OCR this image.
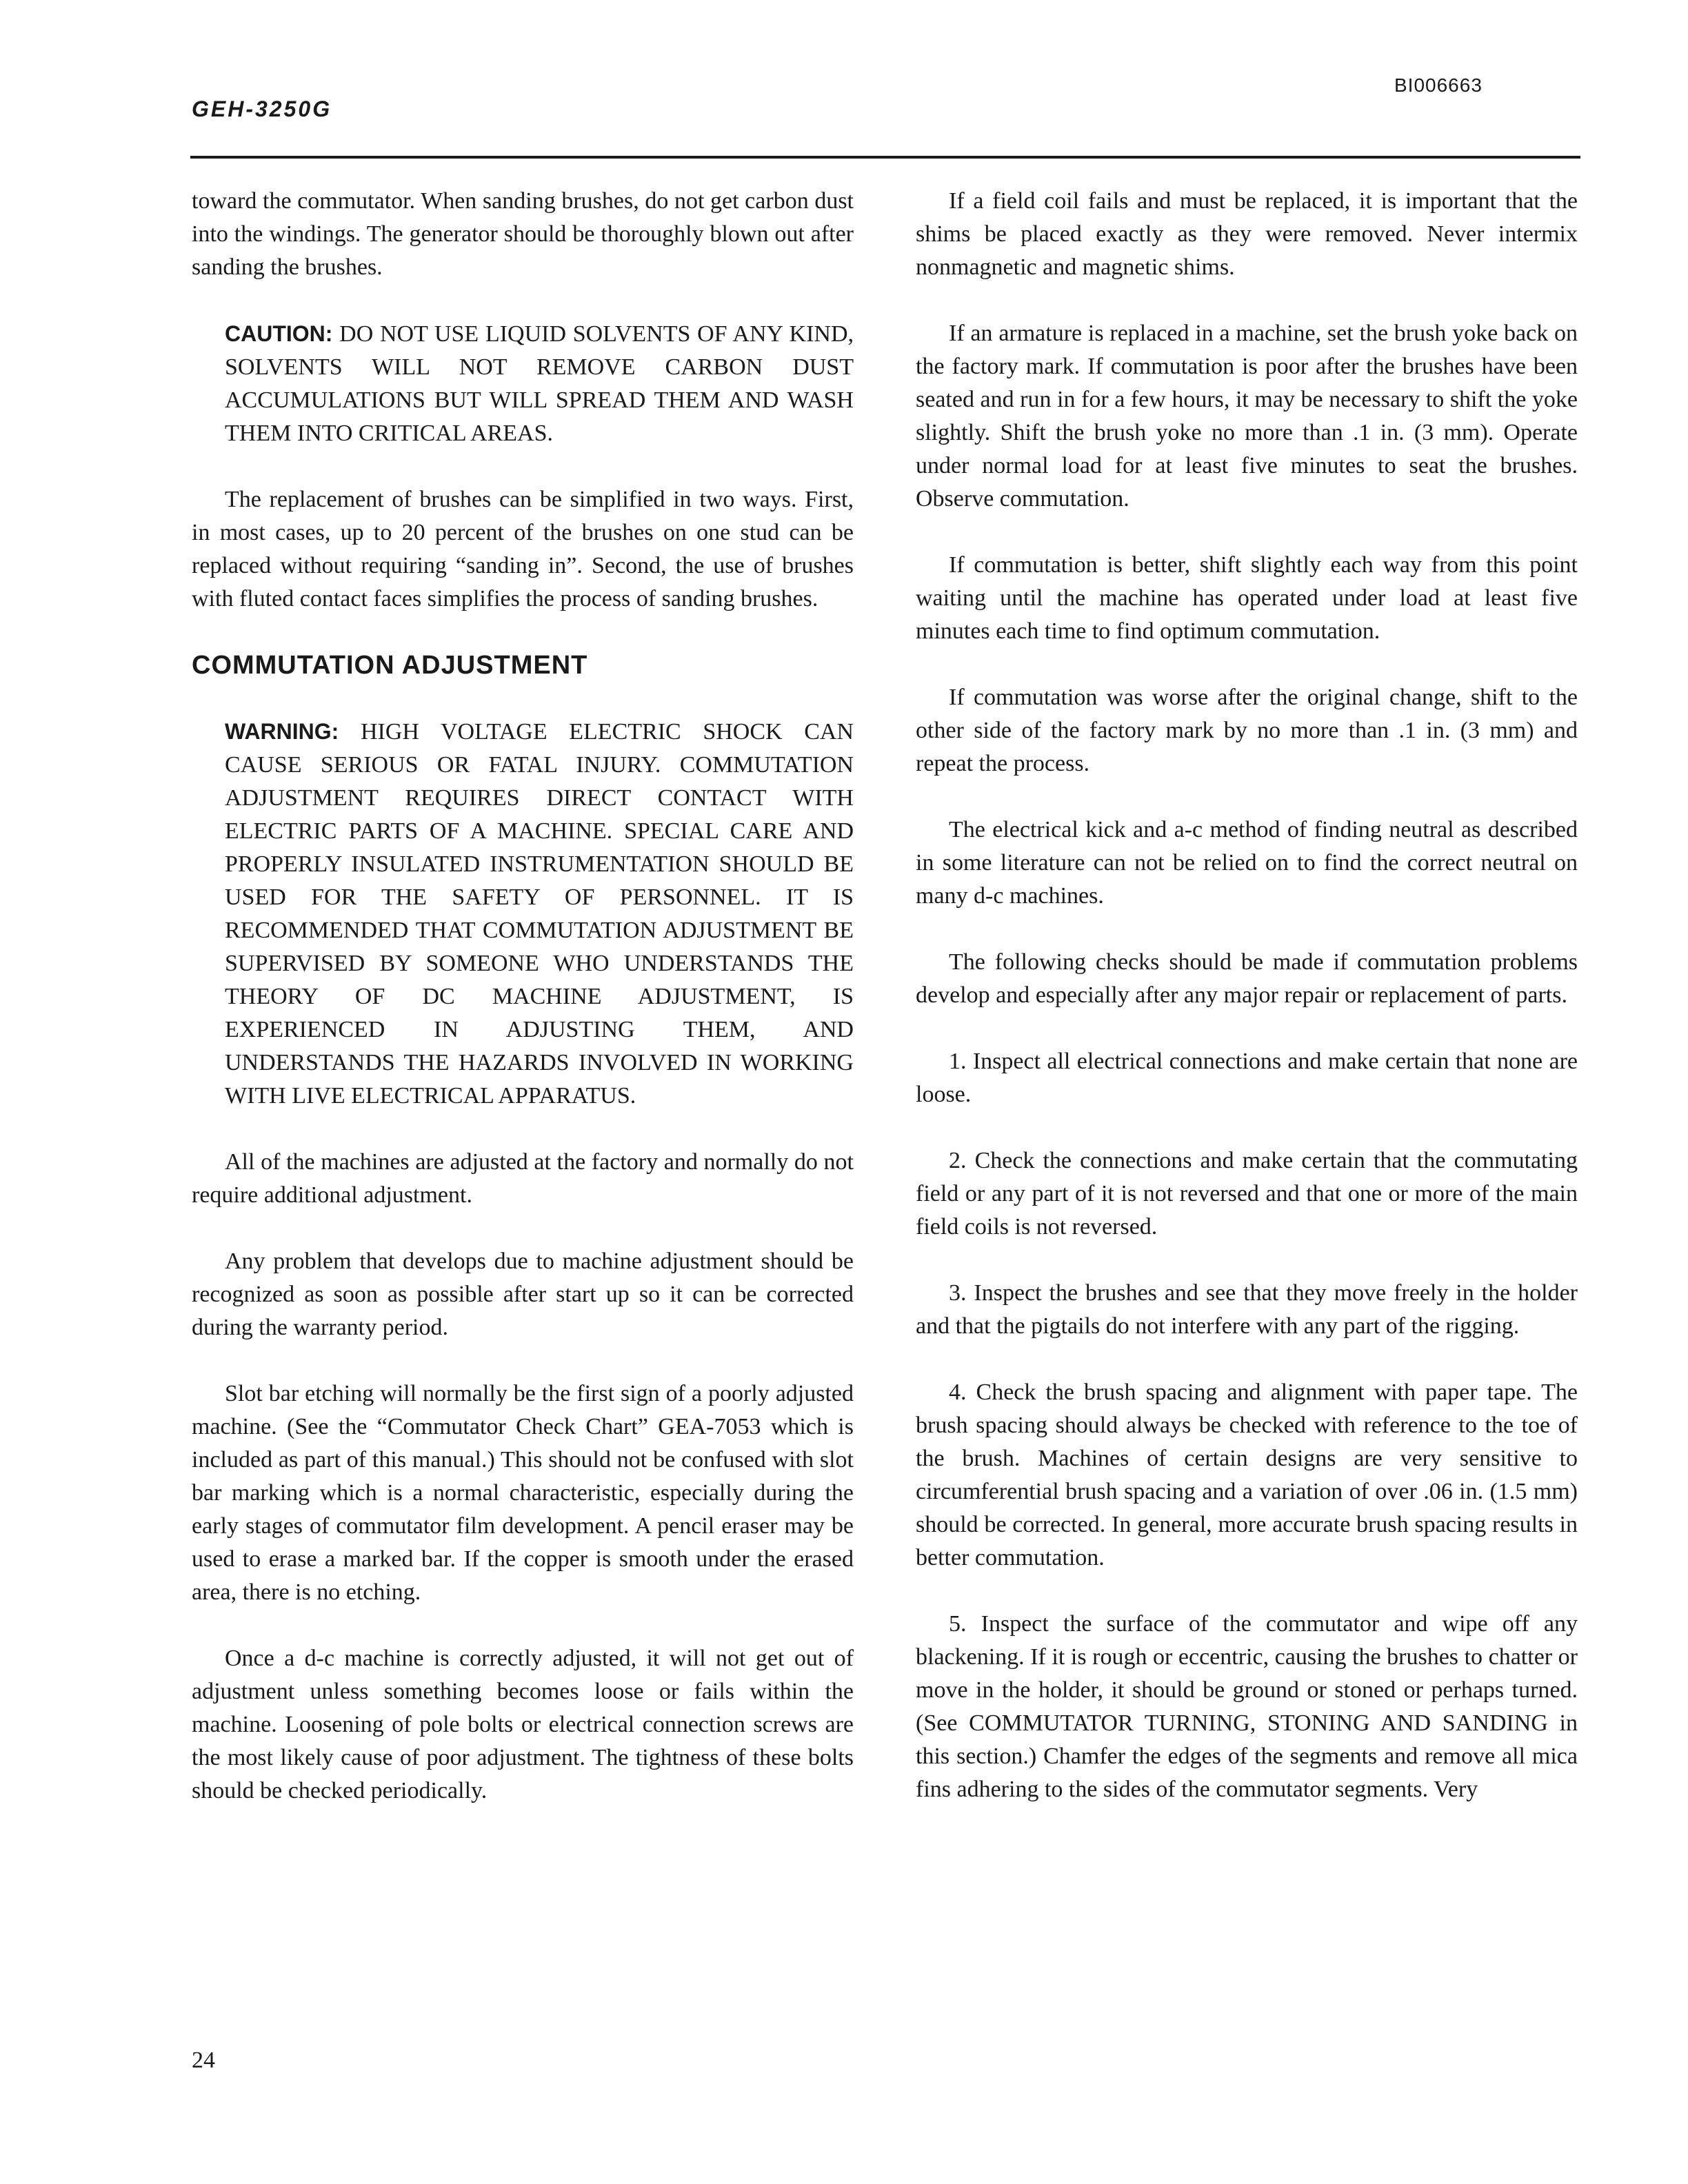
BI006663
GEH-3250G

toward the commutator. When sanding brushes, do not get carbon dust into the windings. The generator should be thoroughly blown out after sanding the brushes.

CAUTION: DO NOT USE LIQUID SOLVENTS OF ANY KIND, SOLVENTS WILL NOT REMOVE CARBON DUST ACCUMULATIONS BUT WILL SPREAD THEM AND WASH THEM INTO CRITICAL AREAS.

The replacement of brushes can be simplified in two ways. First, in most cases, up to 20 percent of the brushes on one stud can be replaced without requiring “sanding in”. Second, the use of brushes with fluted contact faces simplifies the process of sanding brushes.

COMMUTATION ADJUSTMENT
WARNING: HIGH VOLTAGE ELECTRIC SHOCK CAN CAUSE SERIOUS OR FATAL INJURY. COMMUTATION ADJUSTMENT REQUIRES DIRECT CONTACT WITH ELECTRIC PARTS OF A MACHINE. SPECIAL CARE AND PROPERLY INSULATED INSTRUMENTATION SHOULD BE USED FOR THE SAFETY OF PERSONNEL. IT IS RECOMMENDED THAT COMMUTATION ADJUSTMENT BE SUPERVISED BY SOMEONE WHO UNDERSTANDS THE THEORY OF DC MACHINE ADJUSTMENT, IS EXPERIENCED IN ADJUSTING THEM, AND UNDERSTANDS THE HAZARDS INVOLVED IN WORKING WITH LIVE ELECTRICAL APPARATUS.

All of the machines are adjusted at the factory and normally do not require additional adjustment.

Any problem that develops due to machine adjustment should be recognized as soon as possible after start up so it can be corrected during the warranty period.

Slot bar etching will normally be the first sign of a poorly adjusted machine. (See the “Commutator Check Chart” GEA-7053 which is included as part of this manual.) This should not be confused with slot bar marking which is a normal characteristic, especially during the early stages of commutator film development. A pencil eraser may be used to erase a marked bar. If the copper is smooth under the erased area, there is no etching.

Once a d-c machine is correctly adjusted, it will not get out of adjustment unless something becomes loose or fails within the machine. Loosening of pole bolts or electrical connection screws are the most likely cause of poor adjustment. The tightness of these bolts should be checked periodically.

If a field coil fails and must be replaced, it is important that the shims be placed exactly as they were removed. Never intermix nonmagnetic and magnetic shims.

If an armature is replaced in a machine, set the brush yoke back on the factory mark. If commutation is poor after the brushes have been seated and run in for a few hours, it may be necessary to shift the yoke slightly. Shift the brush yoke no more than .1 in. (3 mm). Operate under normal load for at least five minutes to seat the brushes. Observe commutation.

If commutation is better, shift slightly each way from this point waiting until the machine has operated under load at least five minutes each time to find optimum commutation.

If commutation was worse after the original change, shift to the other side of the factory mark by no more than .1 in. (3 mm) and repeat the process.

The electrical kick and a-c method of finding neutral as described in some literature can not be relied on to find the correct neutral on many d-c machines.

The following checks should be made if commutation problems develop and especially after any major repair or replacement of parts.

1. Inspect all electrical connections and make certain that none are loose.

2. Check the connections and make certain that the commutating field or any part of it is not reversed and that one or more of the main field coils is not reversed.

3. Inspect the brushes and see that they move freely in the holder and that the pigtails do not interfere with any part of the rigging.

4. Check the brush spacing and alignment with paper tape. The brush spacing should always be checked with reference to the toe of the brush. Machines of certain designs are very sensitive to circumferential brush spacing and a variation of over .06 in. (1.5 mm) should be corrected. In general, more accurate brush spacing results in better commutation.

5. Inspect the surface of the commutator and wipe off any blackening. If it is rough or eccentric, causing the brushes to chatter or move in the holder, it should be ground or stoned or perhaps turned. (See COMMUTATOR TURNING, STONING AND SANDING in this section.) Chamfer the edges of the segments and remove all mica fins adhering to the sides of the commutator segments. Very

24
